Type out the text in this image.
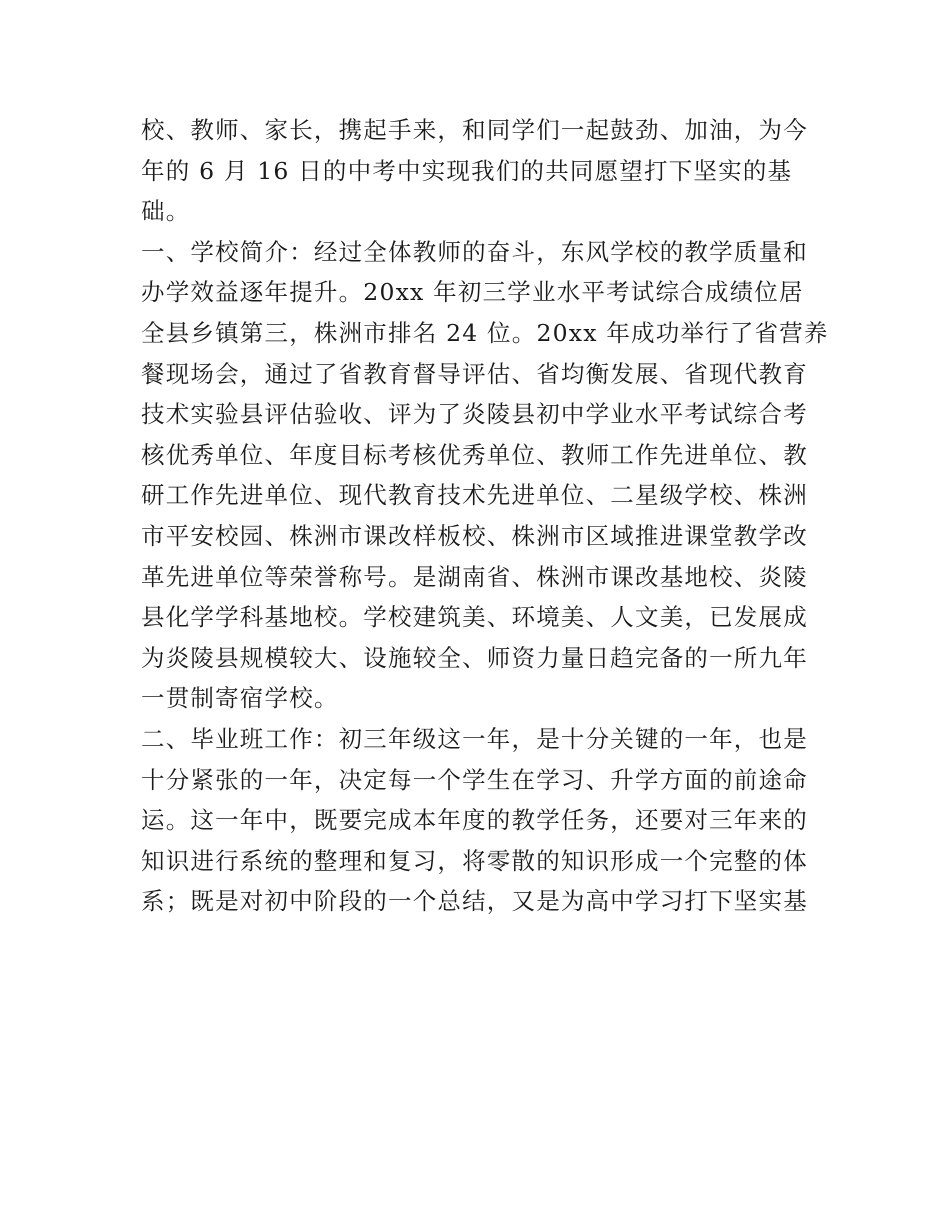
校、教师、家长，携起手来，和同学们一起鼓劲、加油，为今
年的 6 月 16 日的中考中实现我们的共同愿望打下坚实的基
础。
一、学校简介：经过全体教师的奋斗，东风学校的教学质量和
办学效益逐年提升。20xx 年初三学业水平考试综合成绩位居
全县乡镇第三，株洲市排名 24 位。20xx 年成功举行了省营养
餐现场会，通过了省教育督导评估、省均衡发展、省现代教育
技术实验县评估验收、评为了炎陵县初中学业水平考试综合考
核优秀单位、年度目标考核优秀单位、教师工作先进单位、教
研工作先进单位、现代教育技术先进单位、二星级学校、株洲
市平安校园、株洲市课改样板校、株洲市区域推进课堂教学改
革先进单位等荣誉称号。是湖南省、株洲市课改基地校、炎陵
县化学学科基地校。学校建筑美、环境美、人文美，已发展成
为炎陵县规模较大、设施较全、师资力量日趋完备的一所九年
一贯制寄宿学校。
二、毕业班工作：初三年级这一年，是十分关键的一年，也是
十分紧张的一年，决定每一个学生在学习、升学方面的前途命
运。这一年中，既要完成本年度的教学任务，还要对三年来的
知识进行系统的整理和复习，将零散的知识形成一个完整的体
系；既是对初中阶段的一个总结，又是为高中学习打下坚实基
